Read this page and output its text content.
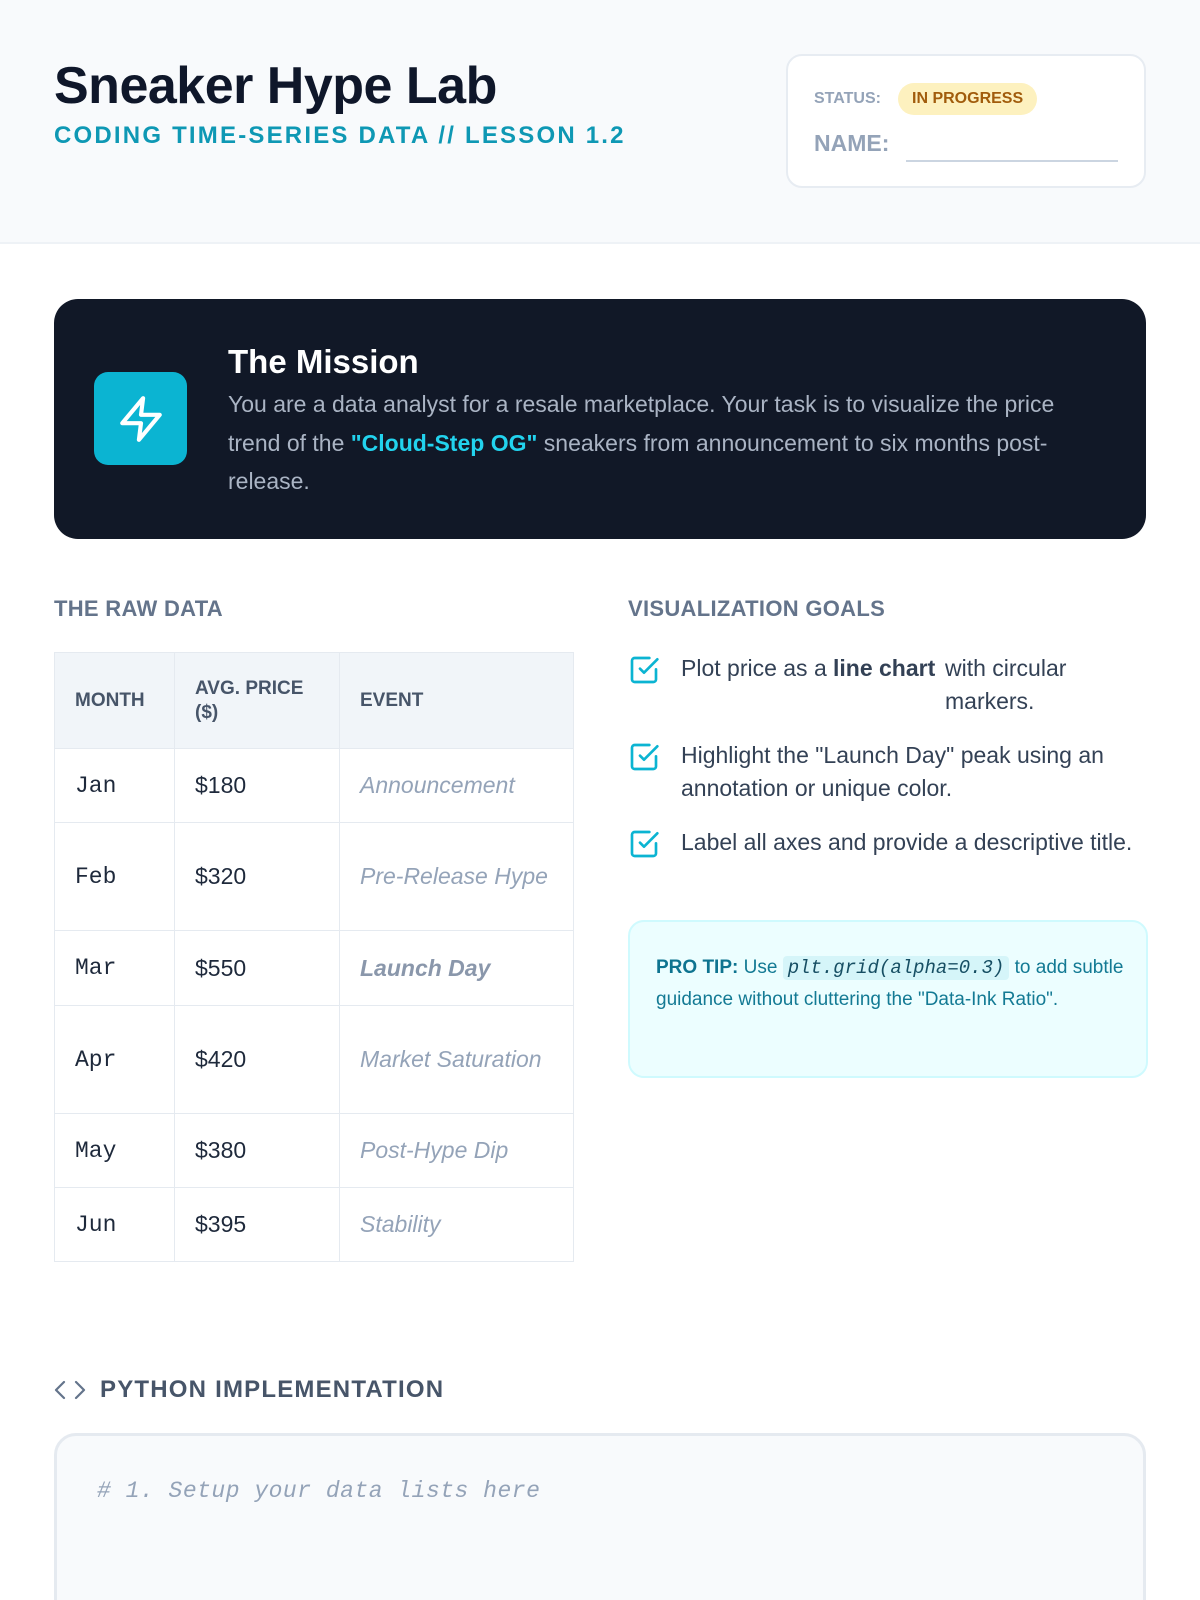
Sneaker Hype Lab
CODING TIME-SERIES DATA // LESSON 1.2
STATUS:	IN PROGRESS
NAME:
The Mission
You are a data analyst for a resale marketplace. Your task is to visualize the price trend of the "Cloud-Step OG" sneakers from announcement to six months post-release.
THE RAW DATA
MONTH	AVG. PRICE ($)	EVENT
Jan	$180	Announcement
Feb	$320	Pre-Release Hype
Mar	$550	Launch Day
Apr	$420	Market Saturation
May	$380	Post-Hype Dip
Jun	$395	Stability
VISUALIZATION GOALS
Plot price as a line chart with circular markers.
Highlight the "Launch Day" peak using an annotation or unique color.
Label all axes and provide a descriptive title.
PRO TIP: Use plt.grid(alpha=0.3) to add subtle guidance without cluttering the "Data-Ink Ratio".
PYTHON IMPLEMENTATION
# 1. Setup your data lists here
